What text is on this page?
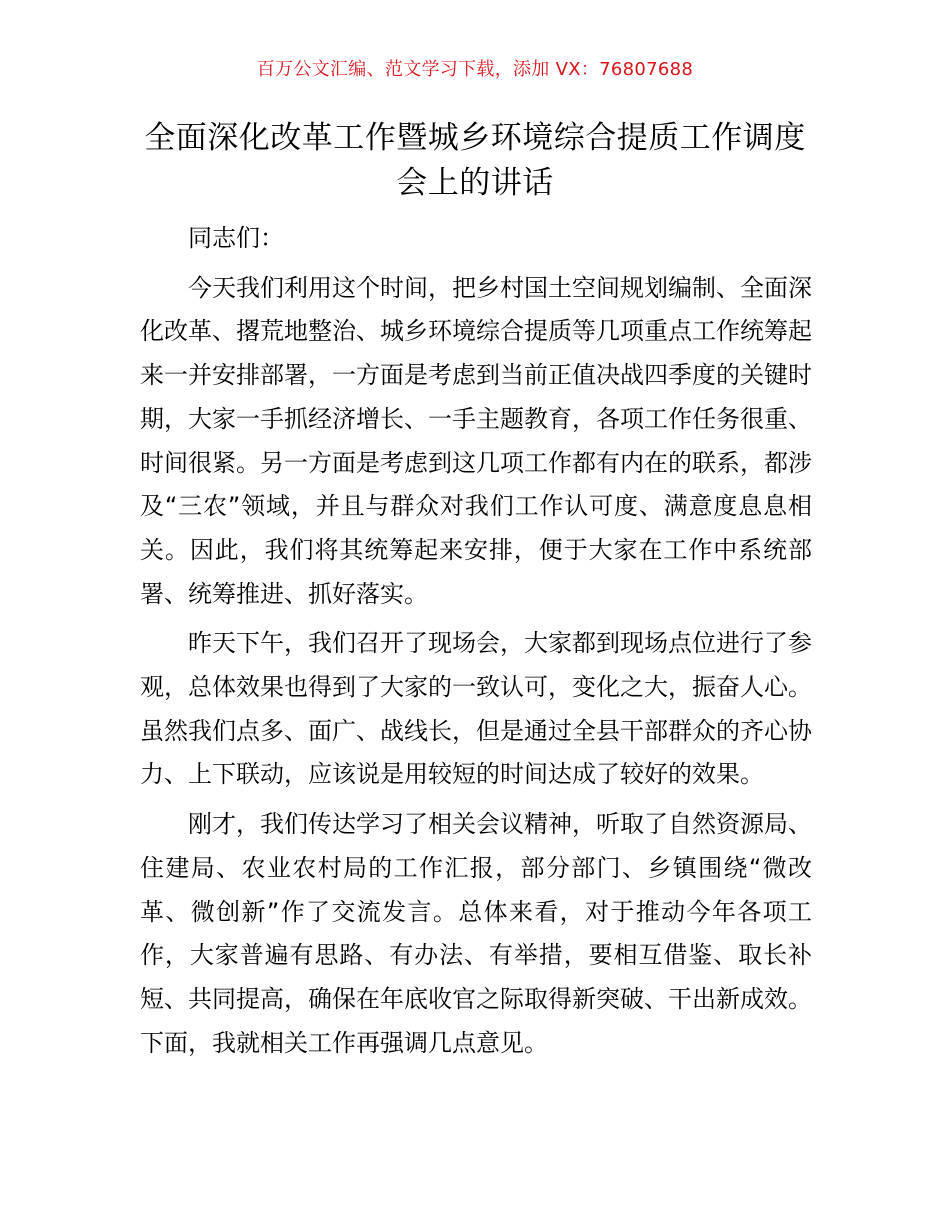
百万公文汇编、范文学习下载，添加 VX：76807688
全面深化改革工作暨城乡环境综合提质工作调度会上的讲话

同志们：

今天我们利用这个时间，把乡村国土空间规划编制、全面深化改革、撂荒地整治、城乡环境综合提质等几项重点工作统筹起来一并安排部署，一方面是考虑到当前正值决战四季度的关键时期，大家一手抓经济增长、一手主题教育，各项工作任务很重、时间很紧。另一方面是考虑到这几项工作都有内在的联系，都涉及“三农”领域，并且与群众对我们工作认可度、满意度息息相关。因此，我们将其统筹起来安排，便于大家在工作中系统部署、统筹推进、抓好落实。

昨天下午，我们召开了现场会，大家都到现场点位进行了参观，总体效果也得到了大家的一致认可，变化之大，振奋人心。虽然我们点多、面广、战线长，但是通过全县干部群众的齐心协力、上下联动，应该说是用较短的时间达成了较好的效果。

刚才，我们传达学习了相关会议精神，听取了自然资源局、住建局、农业农村局的工作汇报，部分部门、乡镇围绕“微改革、微创新”作了交流发言。总体来看，对于推动今年各项工作，大家普遍有思路、有办法、有举措，要相互借鉴、取长补短、共同提高，确保在年底收官之际取得新突破、干出新成效。下面，我就相关工作再强调几点意见。
